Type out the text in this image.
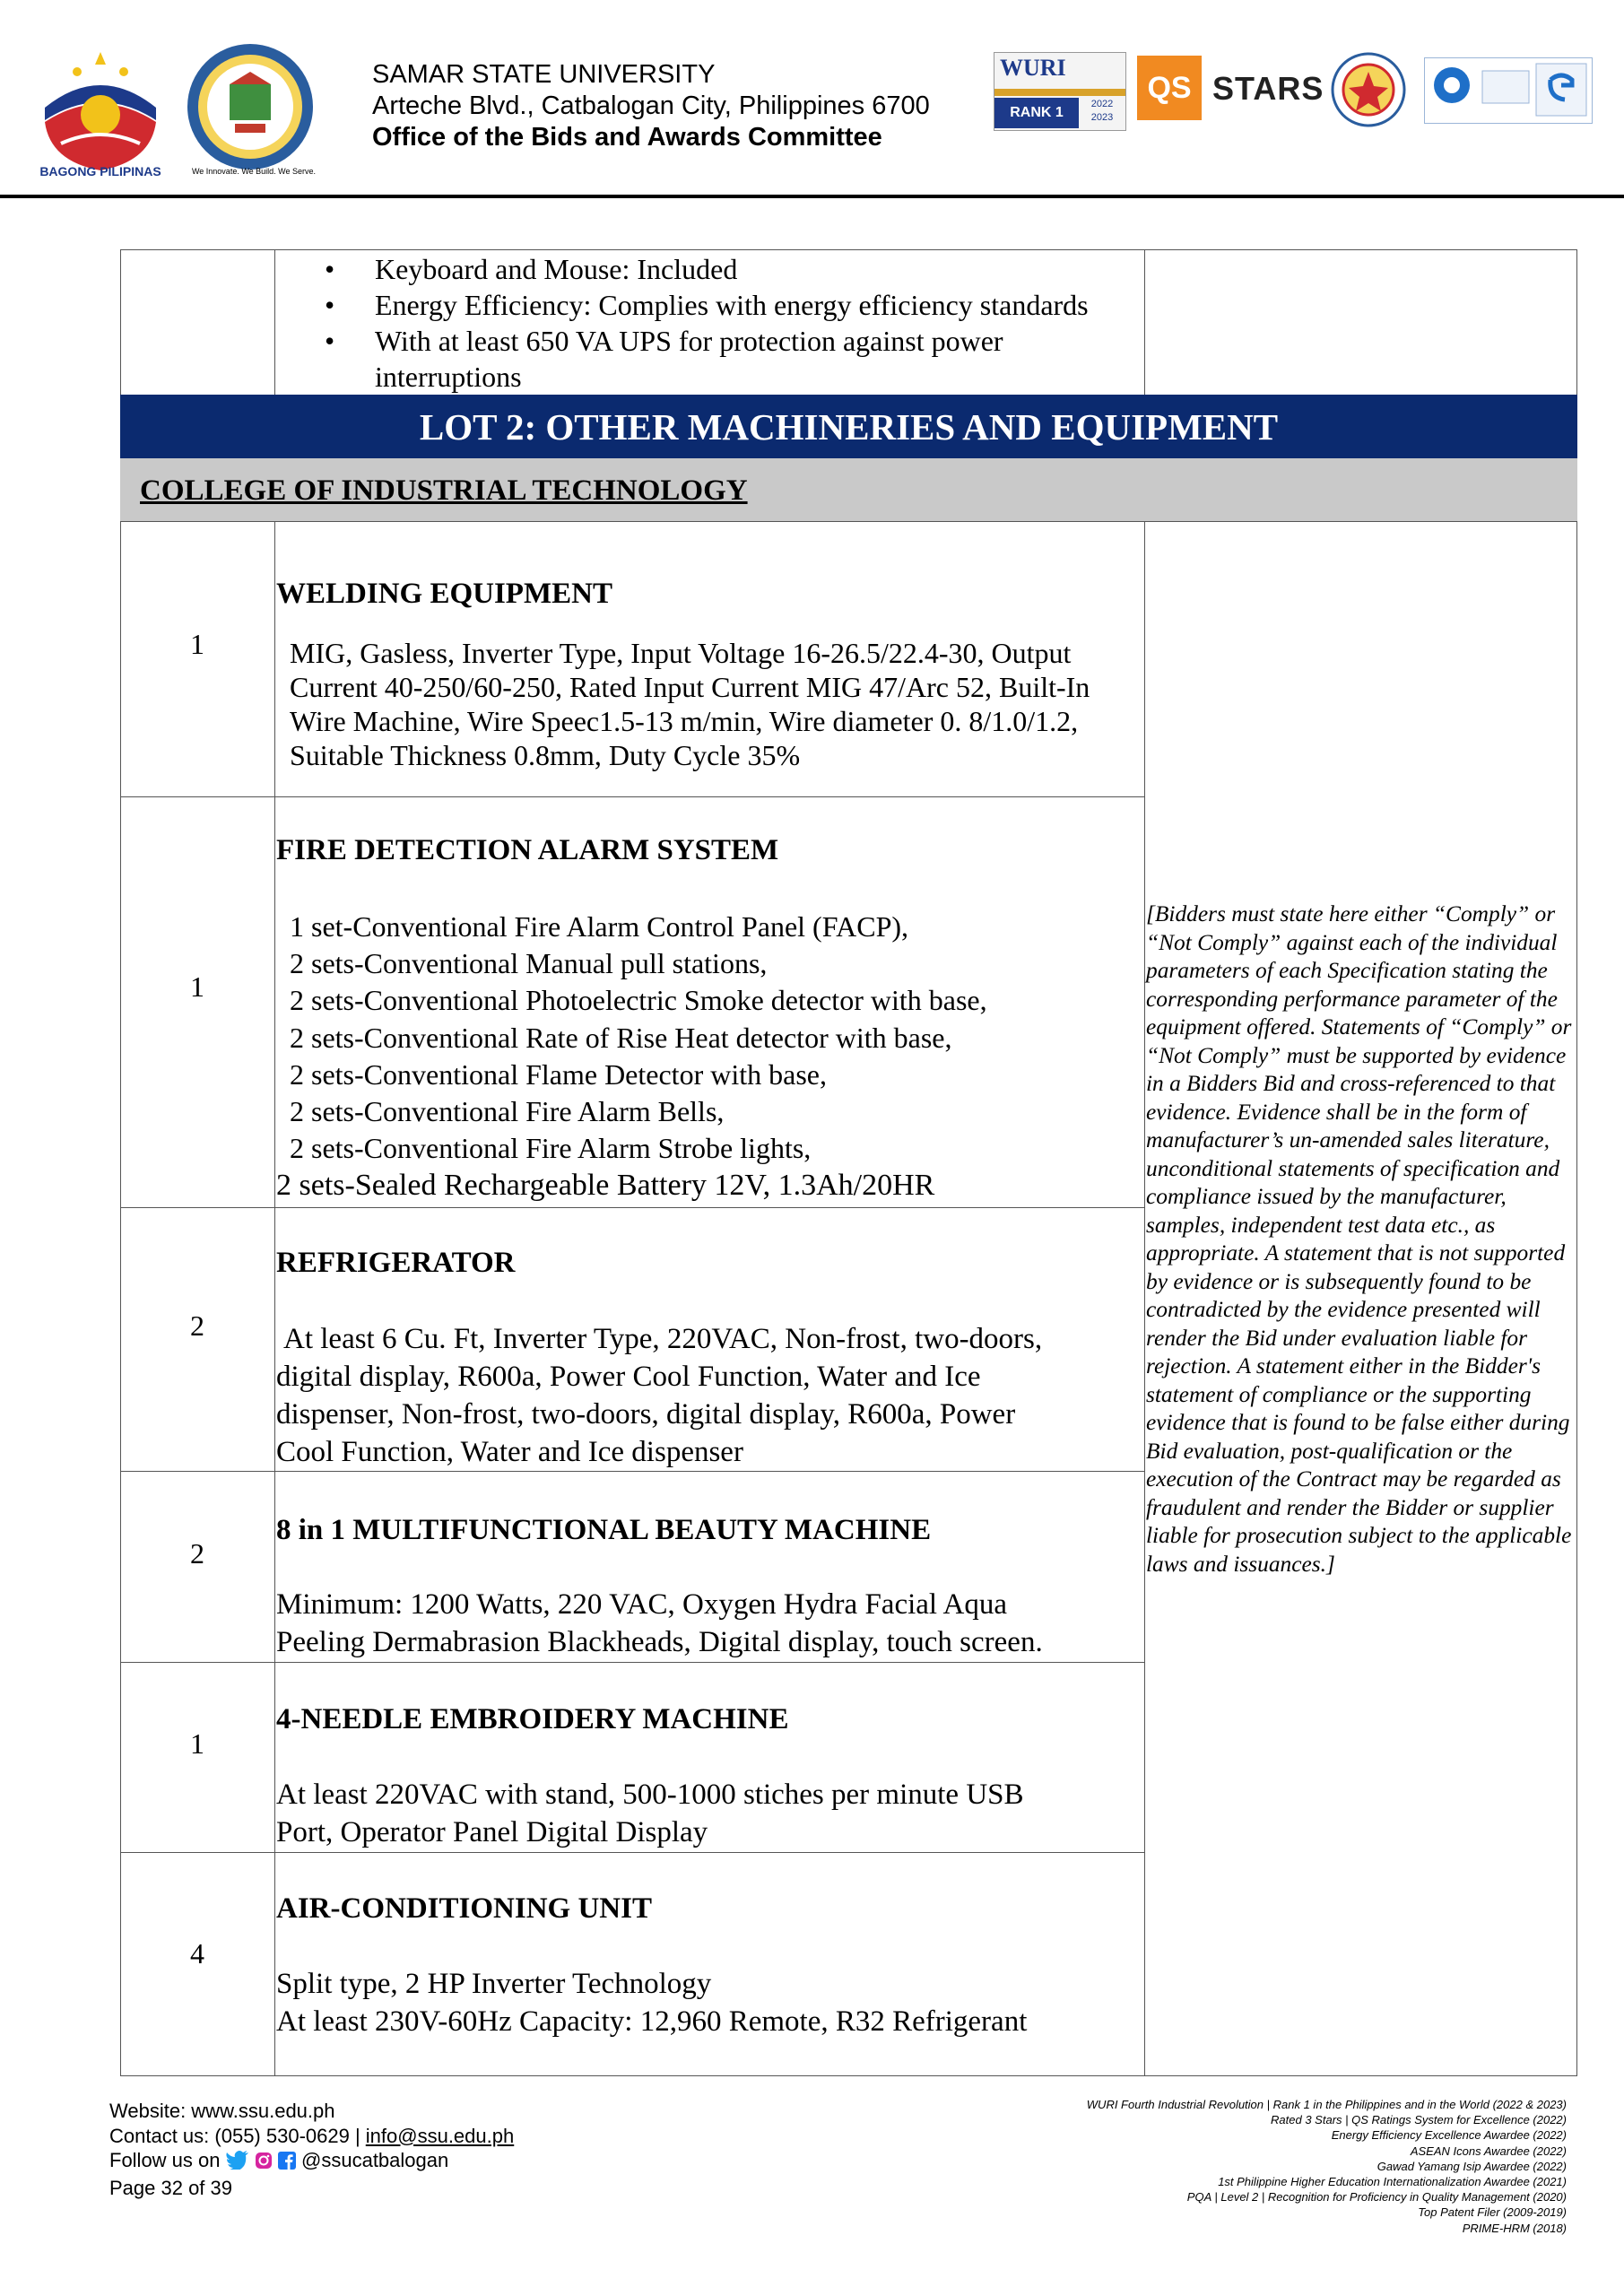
BAGONG PILIPINAS	We Innovate. We Build. We Serve.
SAMAR STATE UNIVERSITY
Arteche Blvd., Catbalogan City, Philippines 6700
Office of the Bids and Awards Committee
WURI
RANK 1
2022 2023
QS STARS
• Keyboard and Mouse: Included
• Energy Efficiency: Complies with energy efficiency standards
• With at least 650 VA UPS for protection against power interruptions
LOT 2: OTHER MACHINERIES AND EQUIPMENT
COLLEGE OF INDUSTRIAL TECHNOLOGY
1
WELDING EQUIPMENT
MIG, Gasless, Inverter Type, Input Voltage 16-26.5/22.4-30, Output
Current 40-250/60-250, Rated Input Current MIG 47/Arc 52, Built-In
Wire Machine, Wire Speec1.5-13 m/min, Wire diameter 0. 8/1.0/1.2,
Suitable Thickness 0.8mm, Duty Cycle 35%
1
FIRE DETECTION ALARM SYSTEM
1 set-Conventional Fire Alarm Control Panel (FACP),
2 sets-Conventional Manual pull stations,
2 sets-Conventional Photoelectric Smoke detector with base,
2 sets-Conventional Rate of Rise Heat detector with base,
2 sets-Conventional Flame Detector with base,
2 sets-Conventional Fire Alarm Bells,
2 sets-Conventional Fire Alarm Strobe lights,
2 sets-Sealed Rechargeable Battery 12V, 1.3Ah/20HR
2
REFRIGERATOR
At least 6 Cu. Ft, Inverter Type, 220VAC, Non-frost, two-doors,
digital display, R600a, Power Cool Function, Water and Ice
dispenser, Non-frost, two-doors, digital display, R600a, Power
Cool Function, Water and Ice dispenser
2
8 in 1 MULTIFUNCTIONAL BEAUTY MACHINE
Minimum: 1200 Watts, 220 VAC, Oxygen Hydra Facial Aqua
Peeling Dermabrasion Blackheads, Digital display, touch screen.
1
4-NEEDLE EMBROIDERY MACHINE
At least 220VAC with stand, 500-1000 stiches per minute USB
Port, Operator Panel Digital Display
4
AIR-CONDITIONING UNIT
Split type, 2 HP Inverter Technology
At least 230V-60Hz Capacity: 12,960 Remote, R32 Refrigerant
[Bidders must state here either “Comply” or “Not Comply” against each of the individual parameters of each Specification stating the corresponding performance parameter of the equipment offered. Statements of “Comply” or “Not Comply” must be supported by evidence in a Bidders Bid and cross-referenced to that evidence. Evidence shall be in the form of manufacturer’s un-amended sales literature, unconditional statements of specification and compliance issued by the manufacturer, samples, independent test data etc., as appropriate. A statement that is not supported by evidence or is subsequently found to be contradicted by the evidence presented will render the Bid under evaluation liable for rejection. A statement either in the Bidder's statement of compliance or the supporting evidence that is found to be false either during Bid evaluation, post-qualification or the execution of the Contract may be regarded as fraudulent and render the Bidder or supplier liable for prosecution subject to the applicable laws and issuances.]
Website: www.ssu.edu.ph
Contact us: (055) 530-0629 | info@ssu.edu.ph
Follow us on	@ssucatbalogan
Page 32 of 39
WURI Fourth Industrial Revolution | Rank 1 in the Philippines and in the World (2022 & 2023)
Rated 3 Stars | QS Ratings System for Excellence (2022)
Energy Efficiency Excellence Awardee (2022)
ASEAN Icons Awardee (2022)
Gawad Yamang Isip Awardee (2022)
1st Philippine Higher Education Internationalization Awardee (2021)
PQA | Level 2 | Recognition for Proficiency in Quality Management (2020)
Top Patent Filer (2009-2019)
PRIME-HRM (2018)
